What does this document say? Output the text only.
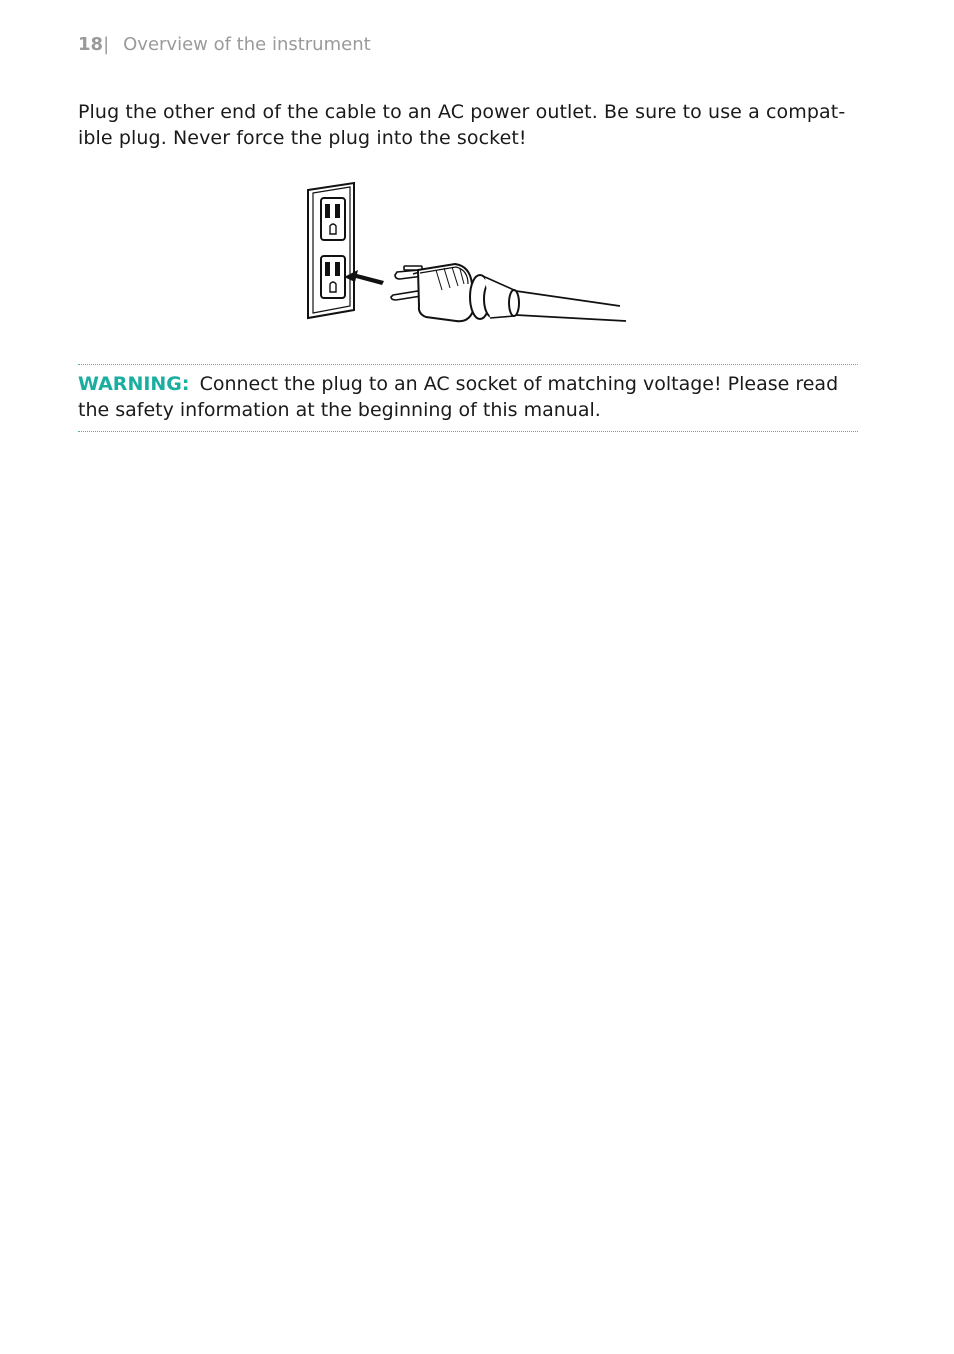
18| Overview of the instrument
Plug the other end of the cable to an AC power outlet. Be sure to use a compat-ible plug. Never force the plug into the socket!
WARNING: Connect the plug to an AC socket of matching voltage! Please read the safety information at the beginning of this manual.
